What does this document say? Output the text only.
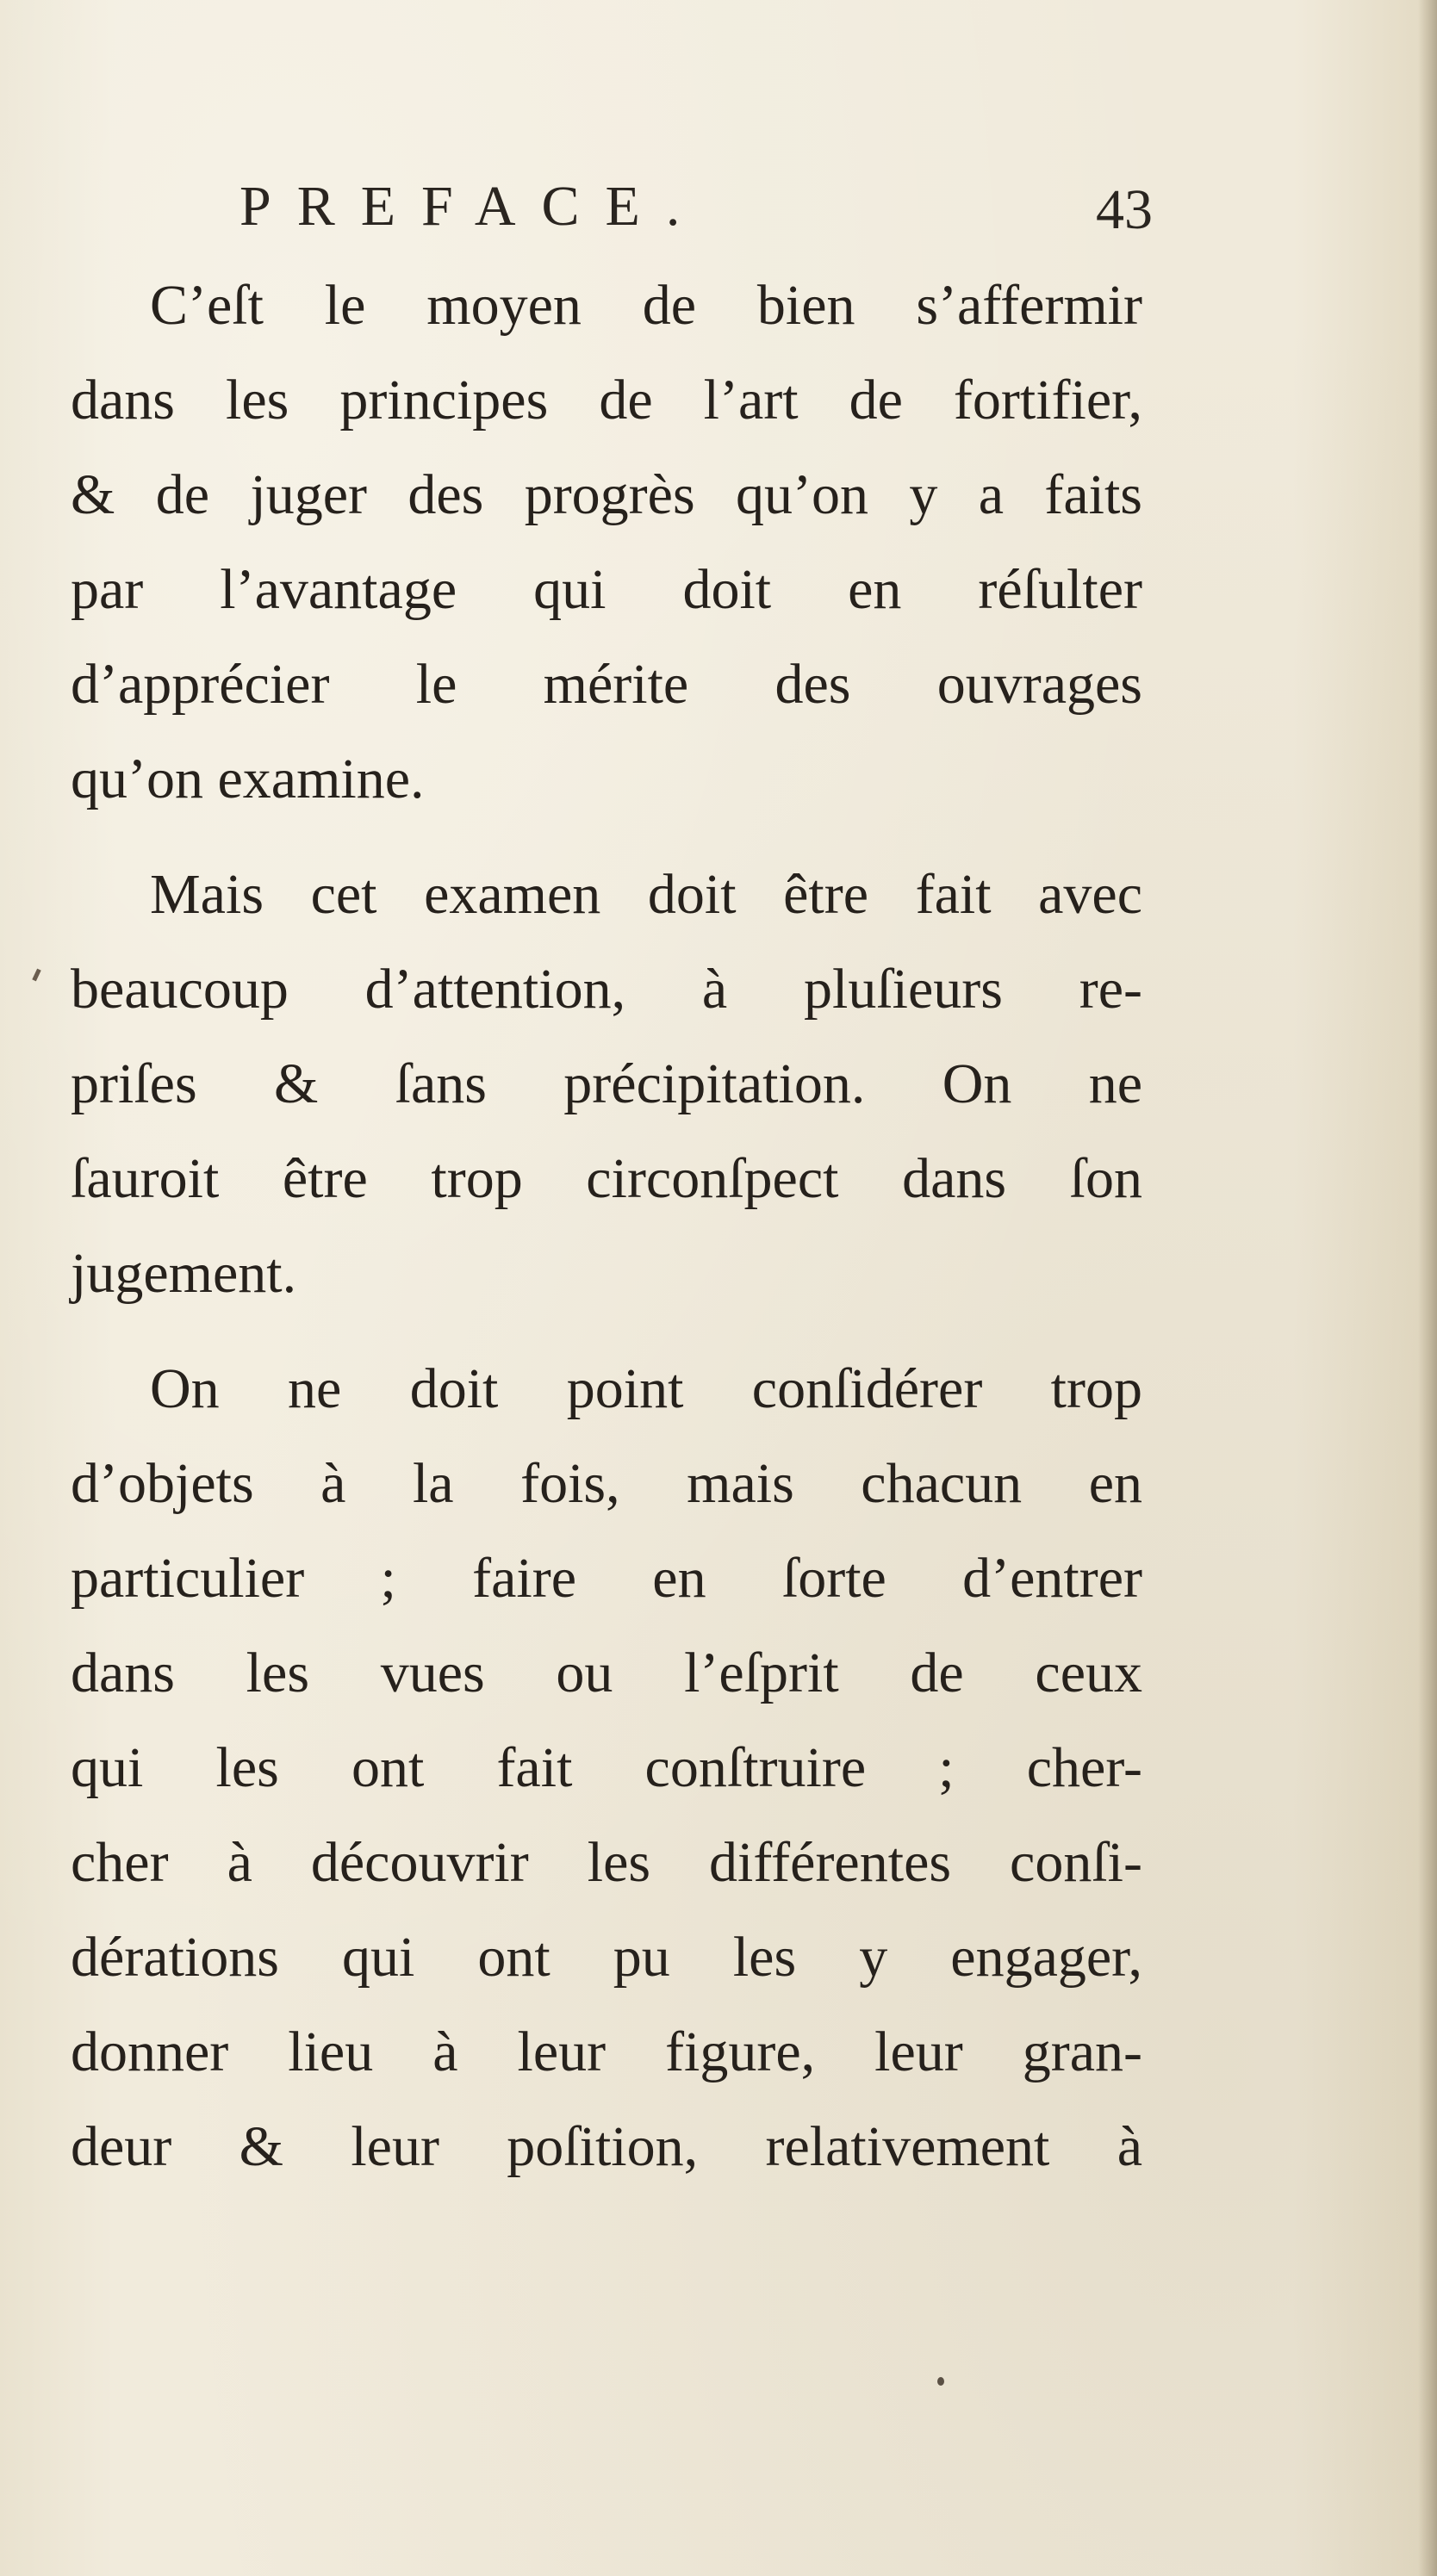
PREFACE.	43

C’eſt le moyen de bien s’affermir
dans les principes de l’art de fortifier,
& de juger des progrès qu’on y a faits
par l’avantage qui doit en réſulter
d’apprécier le mérite des ouvrages
qu’on examine.

Mais cet examen doit être fait avec
beaucoup d’attention, à pluſieurs re-
priſes & ſans précipitation. On ne
ſauroit être trop circonſpect dans ſon
jugement.

On ne doit point conſidérer trop
d’objets à la fois, mais chacun en
particulier ; faire en ſorte d’entrer
dans les vues ou l’eſprit de ceux
qui les ont fait conſtruire ; cher-
cher à découvrir les différentes conſi-
dérations qui ont pu les y engager,
donner lieu à leur figure, leur gran-
deur & leur poſition, relativement à
